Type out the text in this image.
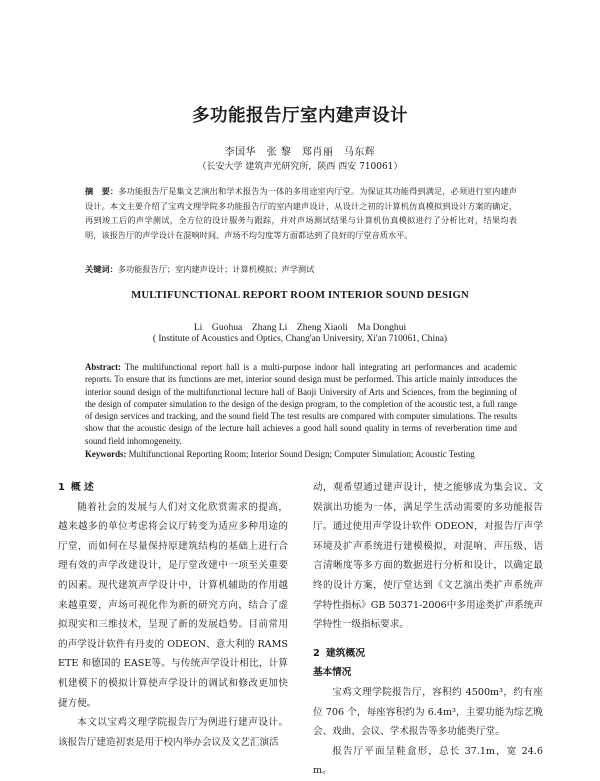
多功能报告厅室内建声设计
李国华　张 黎　郑肖丽　马东辉
（长安大学 建筑声光研究所，陕西 西安 710061）
摘　要：多功能报告厅是集文艺演出和学术报告为一体的多用途室内厅堂。为保证其功能得到满足，必须进行室内建声设计。本文主要介绍了宝鸡文理学院多功能报告厅的室内建声设计，从设计之初的计算机仿真模拟到设计方案的确定，再到竣工后的声学测试，全方位的设计服务与跟踪，并对声场测试结果与计算机仿真模拟进行了分析比对，结果均表明，该报告厅的声学设计在混响时间、声场不均匀度等方面都达到了良好的厅堂音质水平。
关键词：多功能报告厅；室内建声设计；计算机模拟；声学测试
MULTIFUNCTIONAL REPORT ROOM INTERIOR SOUND DESIGN
Li　Guohua　Zhang Li　Zheng Xiaoli　Ma Donghui
( Institute of Acoustics and Optics, Chang'an University, Xi'an 710061, China)
Abstract: The multifunctional report hall is a multi-purpose indoor hall integrating art performances and academic reports. To ensure that its functions are met, interior sound design must be performed. This article mainly introduces the interior sound design of the multifunctional lecture hall of Baoji University of Arts and Sciences, from the beginning of the design of computer simulation to the design of the design program, to the completion of the acoustic test, a full range of design services and tracking, and the sound field The test results are compared with computer simulations. The results show that the acoustic design of the lecture hall achieves a good hall sound quality in terms of reverberation time and sound field inhomogeneity.
Keywords: Multifunctional Reporting Room; Interior Sound Design; Computer Simulation; Acoustic Testing
1 概 述

随着社会的发展与人们对文化欣赏需求的提高，越来越多的单位考虑将会议厅转变为适应多种用途的厅堂，而如何在尽量保持原建筑结构的基础上进行合理有效的声学改建设计，是厅堂改建中一项至关重要的因素。现代建筑声学设计中，计算机辅助的作用越来越重要，声场可视化作为新的研究方向，结合了虚拟现实和三维技术，呈现了新的发展趋势。目前常用的声学设计软件有丹麦的 ODEON、意大利的 RAMSETE 和德国的 EASE等。与传统声学设计相比，计算机建模下的模拟计算使声学设计的调试和修改更加快捷方便。

本文以宝鸡文理学院报告厅为例进行建声设计。该报告厅建造初衷是用于校内举办会议及文艺汇演活

动，观希望通过建声设计，使之能够成为集会议、文娱演出功能为一体，满足学生活动需要的多功能报告厅。通过使用声学设计软件 ODEON，对报告厅声学环境及扩声系统进行建模模拟，对混响、声压级、语言清晰度等多方面的数据进行分析和设计，以确定最终的设计方案，使厅堂达到《文艺演出类扩声系统声学特性指标》GB 50371-2006中多用途类扩声系统声学特性一级指标要求。

2 建筑概况
基本情况

宝鸡文理学院报告厅，容积约 4500m³，约有座位 706 个，每座容积约为 6.4m³，主要功能为综艺晚会、戏曲、会议、学术报告等多功能类厅堂。

报告厅平面呈鞋盒形，总长 37.1m，宽 24.6m。
